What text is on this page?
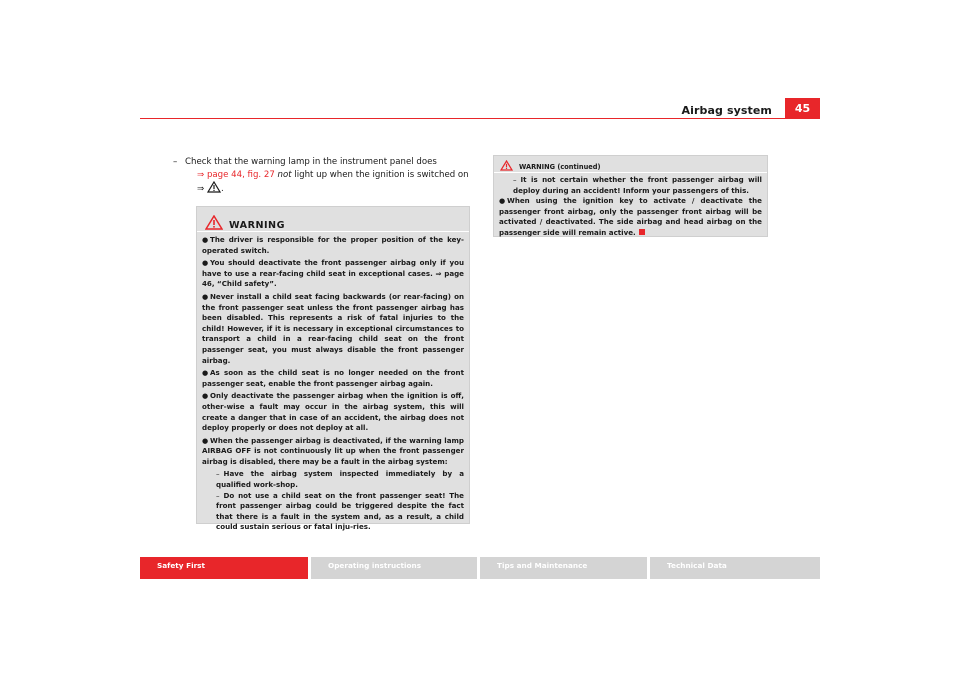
Airbag system	45
– Check that the warning lamp in the instrument panel does
⇒ page 44, fig. 27 not light up when the ignition is switched on
⇒ .
WARNING
● The driver is responsible for the proper position of the key-operated switch.
● You should deactivate the front passenger airbag only if you have to use a rear-facing child seat in exceptional cases. ⇒ page 46, “Child safety”.
● Never install a child seat facing backwards (or rear-facing) on the front passenger seat unless the front passenger airbag has been disabled. This represents a risk of fatal injuries to the child! However, if it is necessary in exceptional circumstances to transport a child in a rear-facing child seat on the front passenger seat, you must always disable the front passenger airbag.
● As soon as the child seat is no longer needed on the front passenger seat, enable the front passenger airbag again.
● Only deactivate the passenger airbag when the ignition is off, other-wise a fault may occur in the airbag system, this will create a danger that in case of an accident, the airbag does not deploy properly or does not deploy at all.
● When the passenger airbag is deactivated, if the warning lamp AIRBAG OFF is not continuously lit up when the front passenger airbag is disabled, there may be a fault in the airbag system:
– Have the airbag system inspected immediately by a qualified work-shop.
– Do not use a child seat on the front passenger seat! The front passenger airbag could be triggered despite the fact that there is a fault in the system and, as a result, a child could sustain serious or fatal inju-ries.
WARNING (continued)
– It is not certain whether the front passenger airbag will deploy during an accident! Inform your passengers of this.
● When using the ignition key to activate / deactivate the passenger front airbag, only the passenger front airbag will be activated / deactivated. The side airbag and head airbag on the passenger side will remain active.
Safety First	Operating instructions	Tips and Maintenance	Technical Data
